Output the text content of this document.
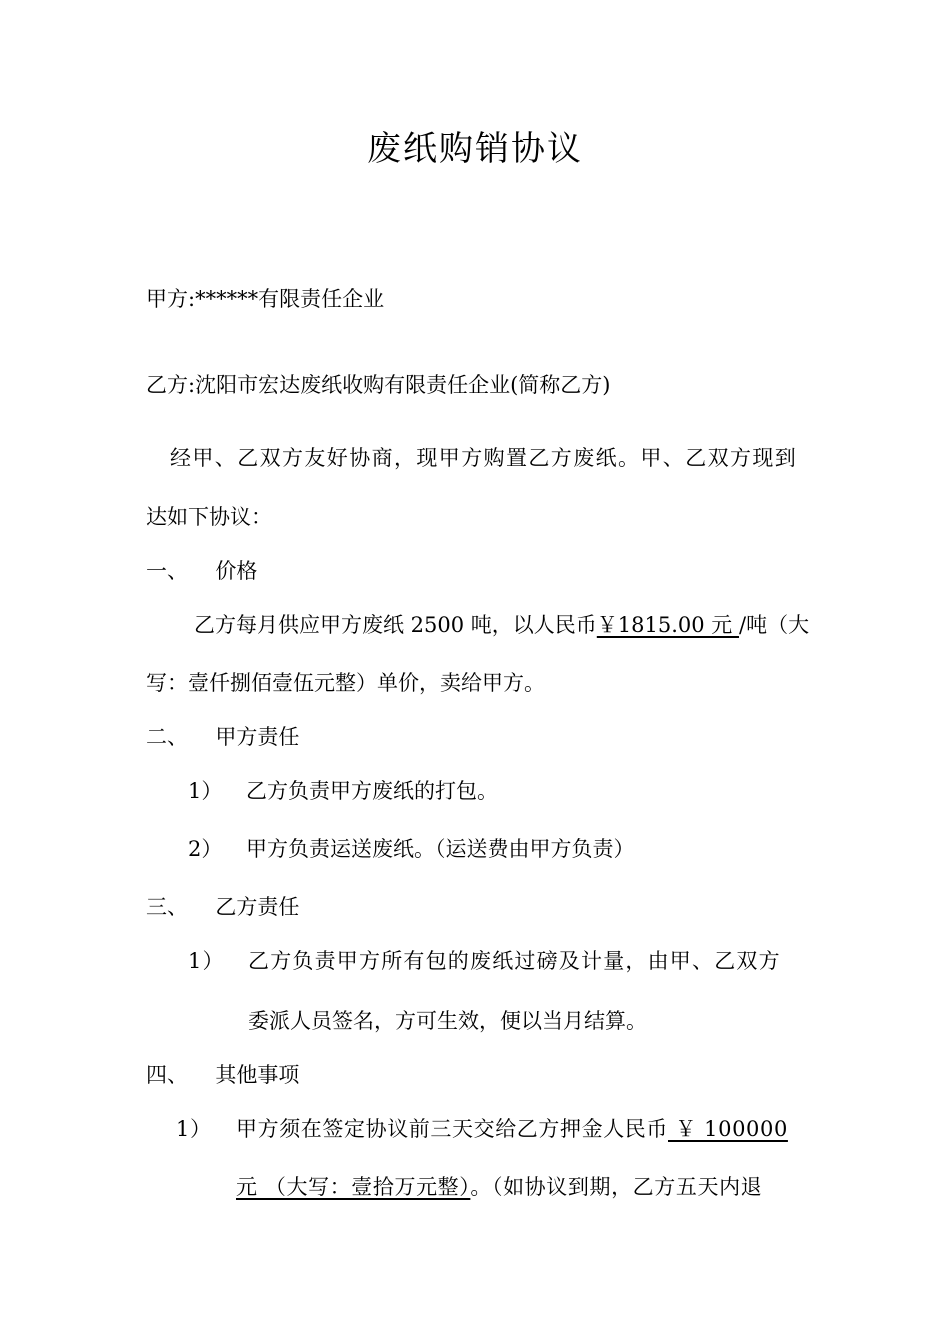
废纸购销协议
甲方:******有限责任企业
乙方:沈阳市宏达废纸收购有限责任企业(简称乙方)
经甲、乙双方友好协商，现甲方购置乙方废纸。甲、乙双方现到
达如下协议：
一、 价格
乙方每月供应甲方废纸 2500 吨，以人民币￥1815.00 元 /吨（大
写：壹仟捌佰壹伍元整）单价，卖给甲方。
二、 甲方责任
1） 乙方负责甲方废纸的打包。
2） 甲方负责运送废纸。（运送费由甲方负责）
三、 乙方责任
1） 乙方负责甲方所有包的废纸过磅及计量，由甲、乙双方
委派人员签名，方可生效，便以当月结算。
四、 其他事项
1） 甲方须在签定协议前三天交给乙方押金人民币 ￥ 100000
元 （大写：壹拾万元整）。（如协议到期，乙方五天内退
